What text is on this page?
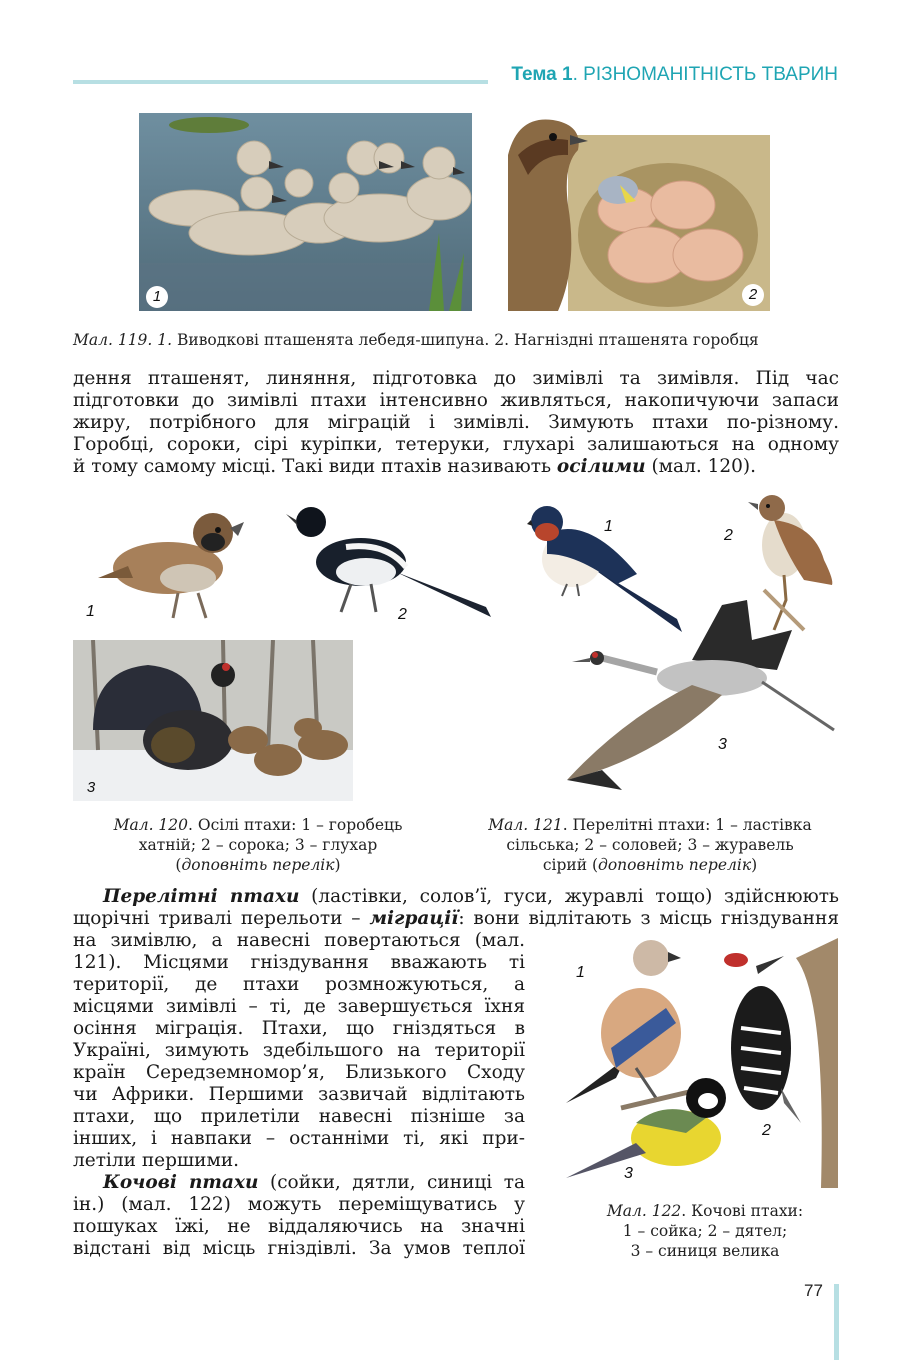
Тема 1. РІЗНОМАНІТНІСТЬ ТВАРИН
1	2
Мал. 119. 1. Виводкові пташенята лебедя-шипуна. 2. Нагніздні пташенята горобця

дення пташенят, линяння, підготовка до зимівлі та зимівля. Під час

підготовки до зимівлі птахи інтенсивно живляться, накопичуючи запаси

жиру, потрібного для міграцій і зимівлі. Зимують птахи по-різному.

Горобці, сороки, сірі куріпки, тетеруки, глухарі залишаються на одному

й тому самому місці. Такі види птахів називають осілими (мал. 120).

1	2
3
Мал. 120. Осілі птахи: 1 – горобець
хатній; 2 – сорока; 3 – глухар
(доповніть перелік)
1
2
3
Мал. 121. Перелітні птахи: 1 – ластівка
сільська; 2 – соловей; 3 – журавель
сірий (доповніть перелік)

Перелітні птахи (ластівки, солов’ї, гуси, журавлі тощо) здійснюють

щорічні тривалі перельоти – міграції: вони відлітають з місць гніздування

на зимівлю, а навесні повертаються (мал.

121). Місцями гніздування вважають ті

території, де птахи розмножуються, а

місцями зимівлі – ті, де завершується їхня

осіння міграція. Птахи, що гніздяться в

Україні, зимують здебільшого на території

країн Середземномор’я, Близького Сходу

чи Африки. Першими зазвичай відлітають

птахи, що прилетіли навесні пізніше за

інших, і навпаки – останніми ті, які при-

летіли першими.

Кочові птахи (сойки, дятли, синиці та

ін.) (мал. 122) можуть переміщуватись у

пошуках їжі, не віддаляючись на значні

відстані від місць гніздівлі. За умов теплої

1
2
3
Мал. 122. Кочові птахи:
1 – сойка; 2 – дятел;
3 – синиця велика
77
